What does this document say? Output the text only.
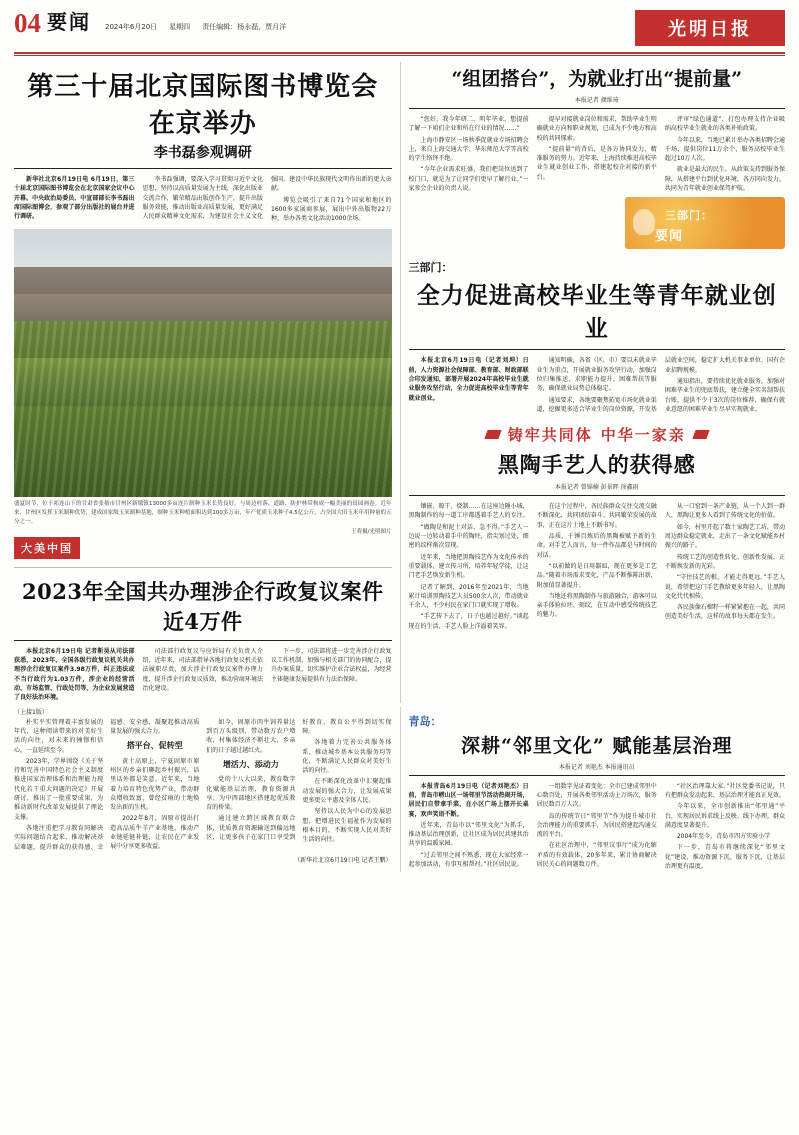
04 要闻 2024年6月20日 星期四 责任编辑：杨永磊、贾月洋	光明日报
第三十届北京国际图书博览会在京举办
李书磊参观调研

新华社北京6月19日电 6月19日，第三十届北京国际图书博览会在北京国家会议中心开幕。中央政治局委员、中宣部部长李书磊出席国际图博会，参观了部分出版社的展台并进行调研。

李书磊强调，要深入学习贯彻习近平文化思想，坚持以高质量发展为主线，深化出版业交流合作，繁荣精品出版创作生产，提升出版服务效能，推动出版业高质量发展，更好满足人民群众精神文化需求，为建设社会主义文化强国、建设中华民族现代文明作出新的更大贡献。

博览会吸引了来自71个国家和地区的1600多家展商参展，展出中外出版物22万种，举办各类文化活动1000余场。

盛夏时节，位于祁连山下的甘肃省张掖市甘州区新墩镇13000多亩连片制种玉米长势良好，与周边村落、道路、防护林带构成一幅美丽的田园画卷。近年来，甘州区发挥玉米制种优势，建成国家级玉米制种基地，制种玉米种植面积达到100多万亩，年产优质玉米种子4.5亿公斤，占全国大田玉米年用种量的五分之一。
王将摄/光明图片
大美中国
2023年全国共办理涉企行政复议案件近4万件

本报北京6月19日电 记者靳昊从司法部获悉，2023年，全国各级行政复议机关共办理涉企行政复议案件3.98万件，纠正违法或不当行政行为1.03万件，涉企业的经营活动、市场监管、行政处罚等，为企业发展营造了良好法治环境。

司法部行政复议与应诉局有关负责人介绍，近年来，司法部指导各地行政复议机关依法履职尽责，加大涉企行政复议案件办理力度，提升涉企行政复议质效，推动营商环境法治化建设。

下一步，司法部将进一步完善涉企行政复议工作机制，加强与相关部门的协同配合，提升办案质量，切实维护企业合法权益，为经营主体健康发展提供有力法治保障。

“组团搭台”，为就业打出“提前量”
本报记者 颜维琦

“您好，我今年研二、明年毕业，想提前了解一下咱们企业和所在行业的情况……”

上海市静安区一场秋季促就业专场招聘会上，来自上海交通大学、华东师范大学等高校的学生络绎不绝。

“今年企业需求旺盛，我们把岗位送到了校门口，就是为了让同学们更早了解行业。”一家参会企业的负责人说。

提早对接就业岗位和需求，帮助毕业生明确就业方向和职业规划，已成为不少地方和高校的共同探索。

“提前量”的背后，是各方协同发力、精准服务的努力。近年来，上海持续推进高校毕业生就业创业工作，搭建起校企对接的新平台。

评审“绿色通道”，打包办理支持企业吸纳高校毕业生就业的各类补贴政策。

今年以来，当地已累计举办各类招聘会逾千场，提供岗位11万余个，服务高校毕业生超过10万人次。

就业是最大的民生。从政策支持到服务保障，从搭建平台到优化环境，各方同向发力，共同为青年就业创业保驾护航。

三部门：
要闻
三部门：
全力促进高校毕业生等青年就业创业

本报北京6月19日电（记者刘坤）日前，人力资源社会保障部、教育部、财政部联合印发通知，部署开展2024年高校毕业生就业服务攻坚行动，全力促进高校毕业生等青年就业创业。

通知明确，各省（区、市）要以未就业毕业生为重点，开展就业服务攻坚行动，加强岗位归集推送、求职能力提升、困难帮扶等服务，确保就业局势总体稳定。

通知要求，各地要聚焦拓宽市场化就业渠道，挖掘更多适合毕业生的岗位资源，开发基层就业空间，稳定扩大机关事业单位、国有企业招聘规模。

通知指出，要持续优化就业服务，加强对困难毕业生的兜底帮扶，建立健全实名制帮扶台账，提供不少于3次的岗位推荐，确保有就业意愿的困难毕业生尽早实现就业。

铸牢共同体 中华一家亲
黑陶手艺人的获得感
本报记者 曾锦楠 彭景晖 徐鑫雨

镶嵌、晾干、烧制……在这座边陲小城，黑陶制作的每一道工序都透着手艺人的专注。

“做陶是和泥土对话，急不得。”手艺人一边说一边转动着手中的陶坯，指尖划过处，细密的纹样渐次显现。

近年来，当地把黑陶技艺作为文化传承的重要载体，建立传习所，培养年轻学徒，让这门老手艺焕发新生机。

记者了解到，2016年至2021年，当地累计培训黑陶技艺人员500余人次，带动就业千余人，不少村民在家门口就实现了增收。

“手艺传下去了，日子也越过越好。”谈起现在的生活，手艺人脸上洋溢着笑容。

在这个过程中，各民族群众交往交流交融不断深化，共同团结奋斗、共同繁荣发展的故事，正在这片土地上不断书写。

品质、千锤百炼后的黑陶被赋予新的生命。对手艺人而言，每一件作品都是与时间的对话。

“以前做的是日用器皿，现在更多是工艺品。”随着市场需求变化，产品不断推陈出新，附加值显著提升。

当地还将黑陶制作与旅游融合，游客可以亲手体验拉坯、刻纹，在互动中感受传统技艺的魅力。

从一口窑到一条产业链，从一个人到一群人，黑陶让更多人看到了传统文化的价值。

如今，村里开起了数十家陶艺工坊，带动周边群众稳定就业，走出了一条文化赋能乡村振兴的路子。

传统工艺的创造性转化、创新性发展，正不断焕发新的光彩。

“守住技艺的根，才能走得更远。”手艺人说，希望把这门手艺教给更多年轻人，让黑陶文化代代相传。

各民族像石榴籽一样紧紧抱在一起，共同创造美好生活，这样的故事每天都在发生。

（上接1版）

朴实平实管理着丰富发展的年代，这种阅读带来的对美好生活的向往，对未来的憧憬和信心，一直延续至今。

2023年，学界围绕《关于坚持和完善中国特色社会主义制度推进国家治理体系和治理能力现代化若干重大问题的决定》开展研讨，推出了一批重要成果，为推动新时代改革发展提供了理论支撑。

各地注重把学习教育同解决实际问题结合起来，推动解决基层难题，提升群众的获得感、幸福感、安全感，凝聚起推动高质量发展的强大合力。

搭平台、促转型

黄土高原上，宁夏固原市原州区的乡亲们聊起乡村振兴，话里话外都是笑意。近年来，当地着力培育特色优势产业，带动群众增收致富，曾经贫瘠的土地焕发出新的生机。

2022年8月，固原市提出打造高品质牛羊产业基地，推动产业链延链补链，让农民在产业发展中分享更多收益。

如今，固原市肉牛饲养量达到百万头级别，带动数万农户增收，村集体经济不断壮大，乡亲们的日子越过越红火。

增活力、添动力

党的十八大以来，教育数字化赋能基层治理，教育资源共享、为中西部地区搭建起优质教育的桥梁。

通过建立跨区域教育联合体，优质教育资源输送到偏远地区，让更多孩子在家门口享受到好教育，教育公平得到切实保障。

各地着力完善公共服务体系，推动城乡基本公共服务均等化，不断满足人民群众对美好生活的向往。

在不断深化改革中汇聚起推动发展的强大合力，让发展成果更多更公平惠及全体人民。

坚持以人民为中心的发展思想，把增进民生福祉作为发展的根本目的，不断实现人民对美好生活的向往。

（新华社北京6月19日电 记者王鹏）
青岛：
深耕“邻里文化” 赋能基层治理
本报记者 刘艳杰 本报通讯员

本报青岛6月19日电（记者刘艳杰）日前，青岛市崂山区一场邻里节活动热闹开场，居民们自带拿手菜，在小区广场上摆开长桌宴，欢声笑语不断。

近年来，青岛市以“邻里文化”为抓手，推动基层治理创新，让社区成为居民共建共治共享的温暖家园。

“过去邻里之间不熟悉，现在大家经常一起参加活动，有事互相帮衬。”社区居民说。

一组数字见证着变化：全市已建成邻里中心数百处，开展各类邻里活动上万场次，服务居民数百万人次。

岛的传统节日“邻里节”作为提升城市社会治理能力的重要抓手，为居民搭建起沟通交流的平台。

在社区治理中，“邻里议事厅”成为化解矛盾的有效载体，20多年来，累计协商解决居民关心的问题数万件。

“社区治理靠大家。”社区党委书记说，只有把群众发动起来，基层治理才能真正见效。

今年以来，全市创新推出“邻里通”平台，实现居民诉求线上反映、线下办理，群众满意度显著提升。

2004年至今，青岛市四方实验小学

下一步，青岛市将继续深化“邻里文化”建设，推动资源下沉、服务下沉，让基层治理更有温度。
